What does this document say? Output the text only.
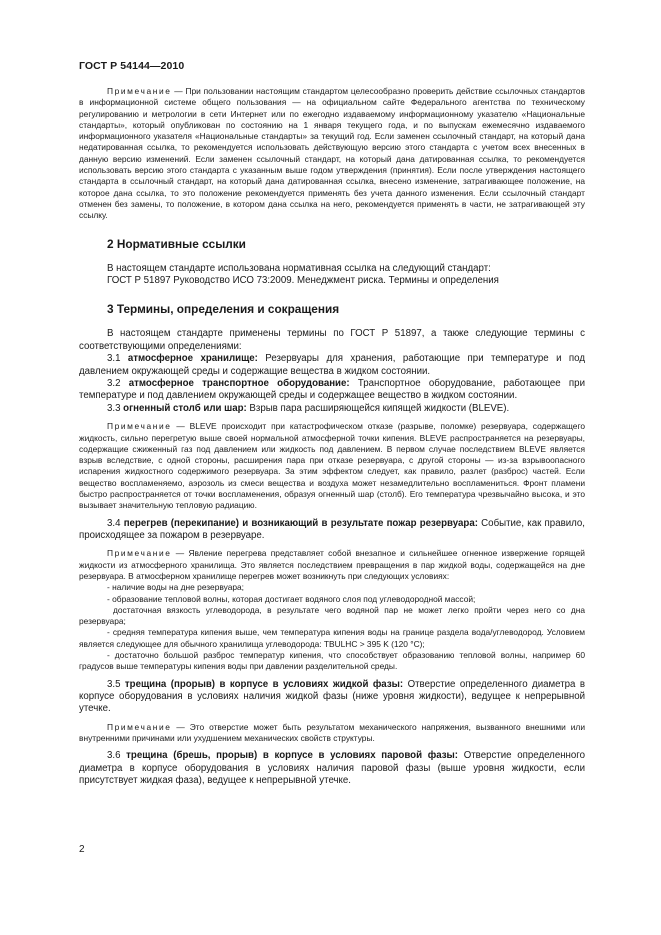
ГОСТ Р 54144—2010

Примечание — При пользовании настоящим стандартом целесообразно проверить действие ссылочных стандартов в информационной системе общего пользования — на официальном сайте Федерального агентства по техническому регулированию и метрологии в сети Интернет или по ежегодно издаваемому информационному указателю «Национальные стандарты», который опубликован по состоянию на 1 января текущего года, и по выпускам ежемесячно издаваемого информационного указателя «Национальные стандарты» за текущий год. Если заменен ссылочный стандарт, на который дана недатированная ссылка, то рекомендуется использовать действующую версию этого стандарта с учетом всех внесенных в данную версию изменений. Если заменен ссылочный стандарт, на который дана датированная ссылка, то рекомендуется использовать версию этого стандарта с указанным выше годом утверждения (принятия). Если после утверждения настоящего стандарта в ссылочный стандарт, на который дана датированная ссылка, внесено изменение, затрагивающее положение, на которое дана ссылка, то это положение рекомендуется применять без учета данного изменения. Если ссылочный стандарт отменен без замены, то положение, в котором дана ссылка на него, рекомендуется применять в части, не затрагивающей эту ссылку.

2 Нормативные ссылки

В настоящем стандарте использована нормативная ссылка на следующий стандарт:

ГОСТ Р 51897 Руководство ИСО 73:2009. Менеджмент риска. Термины и определения

3 Термины, определения и сокращения

В настоящем стандарте применены термины по ГОСТ Р 51897, а также следующие термины с соответствующими определениями:

3.1 атмосферное хранилище: Резервуары для хранения, работающие при температуре и под давлением окружающей среды и содержащие вещества в жидком состоянии.

3.2 атмосферное транспортное оборудование: Транспортное оборудование, работающее при температуре и под давлением окружающей среды и содержащее вещество в жидком состоянии.

3.3 огненный столб или шар: Взрыв пара расширяющейся кипящей жидкости (BLEVE).

Примечание — BLEVE происходит при катастрофическом отказе (разрыве, поломке) резервуара, содержащего жидкость, сильно перегретую выше своей нормальной атмосферной точки кипения. BLEVE распространяется на резервуары, содержащие сжиженный газ под давлением или жидкость под давлением. В первом случае последствием BLEVE является взрыв вследствие, с одной стороны, расширения пара при отказе резервуара, с другой стороны — из-за взрывоопасного испарения жидкостного содержимого резервуара. За этим эффектом следует, как правило, разлет (разброс) частей. Если вещество воспламеняемо, аэрозоль из смеси вещества и воздуха может незамедлительно воспламениться. Фронт пламени быстро распространяется от точки воспламенения, образуя огненный шар (столб). Его температура чрезвычайно высока, и это вызывает значительную тепловую радиацию.

3.4 перегрев (перекипание) и возникающий в результате пожар резервуара: Событие, как правило, происходящее за пожаром в резервуаре.

Примечание — Явление перегрева представляет собой внезапное и сильнейшее огненное извержение горящей жидкости из атмосферного хранилища. Это является последствием превращения в пар жидкой воды, содержащейся на дне резервуара. В атмосферном хранилище перегрев может возникнуть при следующих условиях:

- наличие воды на дне резервуара;

- образование тепловой волны, которая достигает водяного слоя под углеводородной массой;

достаточная вязкость углеводорода, в результате чего водяной пар не может легко пройти через него со дна резервуара;

- средняя температура кипения выше, чем температура кипения воды на границе раздела вода/углеводород. Условием является следующее для обычного хранилища углеводорода: TBULHC > 395 K (120 °C);

- достаточно большой разброс температур кипения, что способствует образованию тепловой волны, например 60 градусов выше температуры кипения воды при давлении разделительной среды.

3.5 трещина (прорыв) в корпусе в условиях жидкой фазы: Отверстие определенного диаметра в корпусе оборудования в условиях наличия жидкой фазы (ниже уровня жидкости), ведущее к непрерывной утечке.

Примечание — Это отверстие может быть результатом механического напряжения, вызванного внешними или внутренними причинами или ухудшением механических свойств структуры.

3.6 трещина (брешь, прорыв) в корпусе в условиях паровой фазы: Отверстие определенного диаметра в корпусе оборудования в условиях наличия паровой фазы (выше уровня жидкости, если присутствует жидкая фаза), ведущее к непрерывной утечке.

2
